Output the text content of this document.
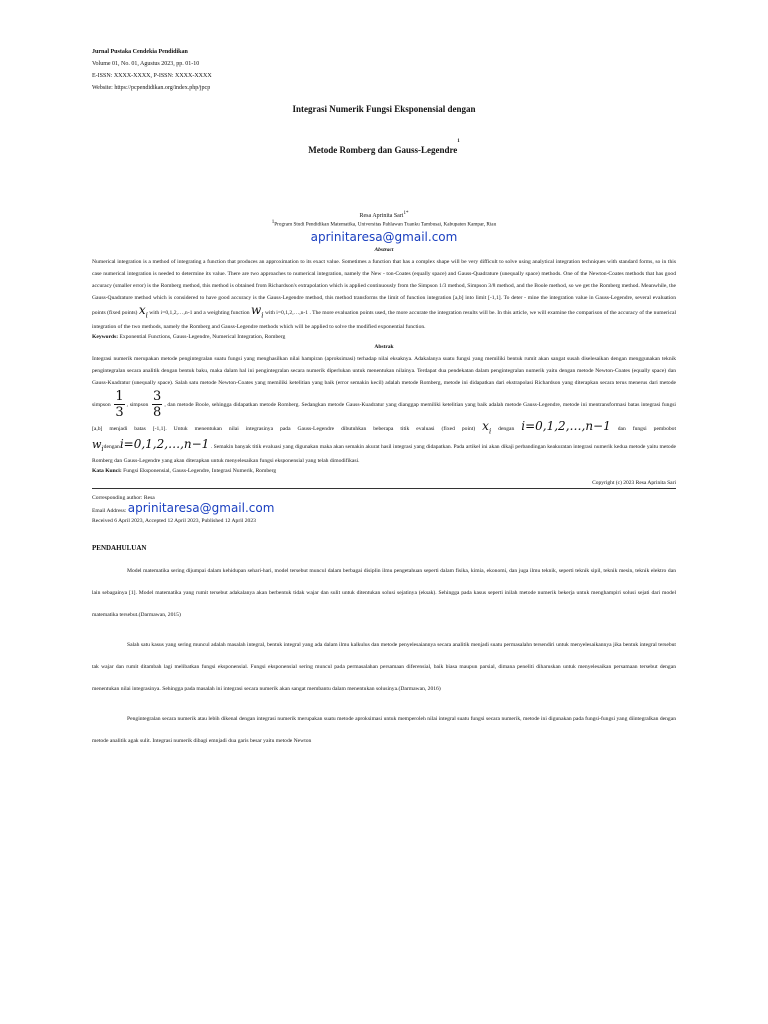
Jurnal Pustaka Cendekia Pendidikan
Volume 01, No. 01, Agustus 2023, pp. 01-10
E-ISSN: XXXX-XXXX, P-ISSN: XXXX-XXXX
Website: https://pcpendidikan.org/index.php/jpcp
Integrasi Numerik Fungsi Eksponensial dengan
Metode Romberg dan Gauss-Legendre$^1$
Resa Aprinita Sari$^{1*}$
1Program Studi Pendidikan Matematika, Universitas Pahlawan Tuanku Tambusai, Kabupaten Kampar, Riau
aprinitaresa@gmail.com
Abstract

Numerical integration is a method of integrating a function that produces an approximation to its exact value. Sometimes a function that has a complex shape will be very difficult to solve using analytical integration techniques with standard forms, so in this case numerical integration is needed to determine its value. There are two approaches to numerical integration, namely the New - ton-Coates (equally space) and Gauss-Quadrature (unequally space) methods. One of the Newton-Coates methods that has good accuracy (smaller error) is the Romberg method, this method is obtained from Richardson's extrapolation which is applied continuously from the Simpson 1/3 method, Simpson 3/8 method, and the Boole method, so we get the Romberg method. Meanwhile, the Gauss-Quadrature method which is considered to have good accuracy is the Gauss-Legendre method, this method transforms the limit of function integration [a,b] into limit [-1,1]. To deter - mine the integration value in Gauss-Legendre, several evaluation points (fixed points) $x_i$ with i=0,1,2,…,n-1 and a weighting function $w_i$ with i=0,1,2,…,n-1 . The more evaluation points used, the more accurate the integration results will be. In this article, we will examine the comparison of the accuracy of the numerical integration of the two methods, namely the Romberg and Gauss-Legendre methods which will be applied to solve the modified exponential function.

Keywords: Exponential Functions, Gauss-Legendre, Numerical Integration, Romberg
Abstrak

Integrasi numerik merupakan metode pengintegralan suatu fungsi yang menghasilkan nilai hampiran (aproksimasi) terhadap nilai eksaknya. Adakalanya suatu fungsi yang memiliki bentuk rumit akan sangat susah diselesaikan dengan menggunakan teknik pengintegralan secara analitik dengan bentuk baku, maka dalam hal ini pengintegralan secara numerik diperlukan untuk menentukan nilainya. Terdapat dua pendekatan dalam pengintegralan numerik yaitu dengan metode Newton-Coates (equally space) dan Gauss-Kuadratur (unequally space). Salah satu metode Newton-Coates yang memiliki ketelitian yang baik (error semakin kecil) adalah metode Romberg, metode ini didapatkan dari ekstrapolasi Richardson yang diterapkan secara terus menerus dari metode simpson $\frac{1}{3}$ , simpson $\frac{3}{8}$ , dan metode Boole, sehingga didapatkan metode Romberg. Sedangkan metode Gauss-Kuadratur yang dianggap memiliki ketelitian yang baik adalah metode Gauss-Legendre, metode ini mentransformasi batas integrasi fungsi [a,b] menjadi batas [-1,1]. Untuk menentukan nilai integrasinya pada Gauss-Legendre dibutuhkan beberapa titik evaluasi (fixed point) $x_i$ dengan i=0,1,2,…,n−1 dan fungsi pembobot $w_idengani=0,1,2,\dots,n-1$ . Semakin banyak titik evaluasi yang digunakan maka akan semakin akurat hasil integrasi yang didapatkan. Pada artikel ini akan dikaji perbandingan keakuratan integrasi numerik kedua metode yaitu metode Romberg dan Gauss-Legendre yang akan diterapkan untuk menyelesaikan fungsi eksponensial yang telah dimodifikasi.

Kata Kunci: Fungsi Eksponensial, Gauss-Legendre, Integrasi Numerik, Romberg
Copyright (c) 2023 Resa Aprinita Sari
Corresponding author: Resa
Email Address: aprinitaresa@gmail.com
Received 6 April 2023, Accepted 12 April 2023, Published 12 April 2023
PENDAHULUAN

Model matematika sering dijumpai dalam kehidupan sehari-hari, model tersebut muncul dalam berbagai disiplin ilmu pengetahuan seperti dalam fisika, kimia, ekonomi, dan juga ilmu teknik, seperti teknik sipil, teknik mesin, teknik elektro dan lain sebagainya [1]. Model matematika yang rumit tersebut adakalanya akan berbentuk tidak wajar dan sulit untuk ditentukan solusi sejatinya (eksak). Sehingga pada kasus seperti inilah metode numerik bekerja untuk menghampiri solusi sejati dari model matematika tersebut.(Darmawan, 2015)

Salah satu kasus yang sering muncul adalah masalah integral, bentuk integral yang ada dalam ilmu kalkulus dan metode penyelesaiannya secara analitik menjadi suatu permasalahn tersendiri untuk menyelesaikannya jika bentuk integral tersebut tak wajar dan rumit ditambah lagi melibatkan fungsi eksponensial. Fungsi eksponensial sering muncul pada permasalahan persamaan diferensial, baik biasa maupun parsial, dimana peneliti diharuskan untuk menyelesaikan persamaan tersebut dengan menentukan nilai integrasinya. Sehingga pada masalah ini integrasi secara numerik akan sangat membantu dalam menentukan solusinya.(Darmawan, 2016)

Pengintegralan secara numerik atau lebih dikenal dengan integrasi numerik merupakan suatu metode aproksimasi untuk memperoleh nilai integral suatu fungsi secara numerik, metode ini digunakan pada fungsi-fungsi yang diintegralkan dengan metode analitik agak sulit. Integrasi numerik dibagi emnjadi dua garis besar yaitu metode Newton
